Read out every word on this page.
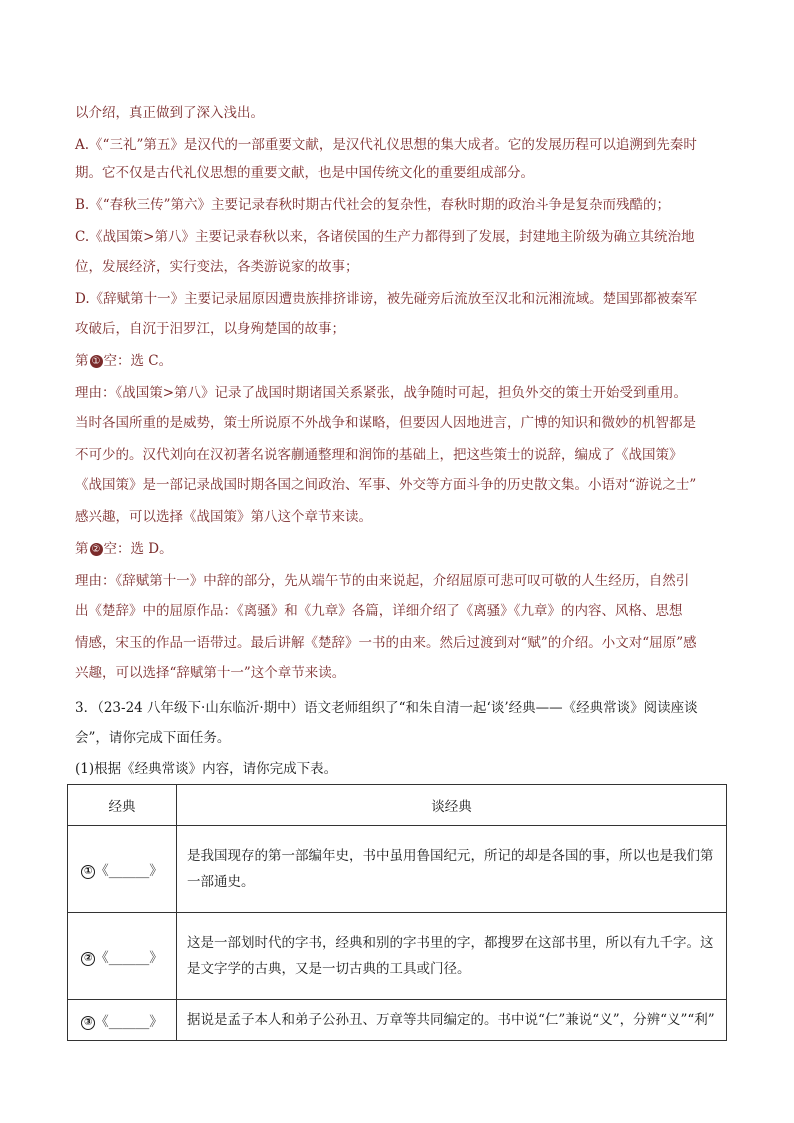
以介绍，真正做到了深入浅出。
A.《“三礼”第五》是汉代的一部重要文献，是汉代礼仪思想的集大成者。它的发展历程可以追溯到先秦时
期。它不仅是古代礼仪思想的重要文献，也是中国传统文化的重要组成部分。
B.《“春秋三传”第六》主要记录春秋时期古代社会的复杂性，春秋时期的政治斗争是复杂而残酷的；
C.《战国策>第八》主要记录春秋以来，各诸侯国的生产力都得到了发展，封建地主阶级为确立其统治地
位，发展经济，实行变法，各类游说家的故事；
D.《辞赋第十一》主要记录屈原因遭贵族排挤诽谤，被先碰旁后流放至汉北和沅湘流域。楚国郢都被秦军
攻破后，自沉于汨罗江，以身殉楚国的故事；
第 ① 空：选 C。
理由：《战国策>第八》记录了战国时期诸国关系紧张，战争随时可起，担负外交的策士开始受到重用。
当时各国所重的是威势，策士所说原不外战争和谋略，但要因人因地进言，广博的知识和微妙的机智都是
不可少的。汉代刘向在汉初著名说客蒯通整理和润饰的基础上，把这些策士的说辞，编成了《战国策》
《战国策》是一部记录战国时期各国之间政治、军事、外交等方面斗争的历史散文集。小语对“游说之士”
感兴趣，可以选择《战国策》第八这个章节来读。
第 ② 空：选 D。
理由：《辞赋第十一》中辞的部分，先从端午节的由来说起，介绍屈原可悲可叹可敬的人生经历，自然引
出《楚辞》中的屈原作品：《离骚》和《九章》各篇，详细介绍了《离骚》《九章》的内容、风格、思想
情感，宋玉的作品一语带过。最后讲解《楚辞》一书的由来。然后过渡到对“赋”的介绍。小文对“屈原”感
兴趣，可以选择“辞赋第十一”这个章节来读。
3．（23-24 八年级下·山东临沂·期中）语文老师组织了“和朱自清一起‘谈’经典——《经典常谈》阅读座谈
会”，请你完成下面任务。
(1)根据《经典常谈》内容，请你完成下表。
经典	谈经典
① 《______》	是我国现存的第一部编年史，书中虽用鲁国纪元，所记的却是各国的事，所以也是我们第一部通史。
② 《______》	这是一部划时代的字书，经典和别的字书里的字，都搜罗在这部书里，所以有九千字。这是文字学的古典，又是一切古典的工具或门径。
③ 《______》	据说是孟子本人和弟子公孙丑、万章等共同编定的。书中说“仁”兼说“义”，分辨“义”“利”
